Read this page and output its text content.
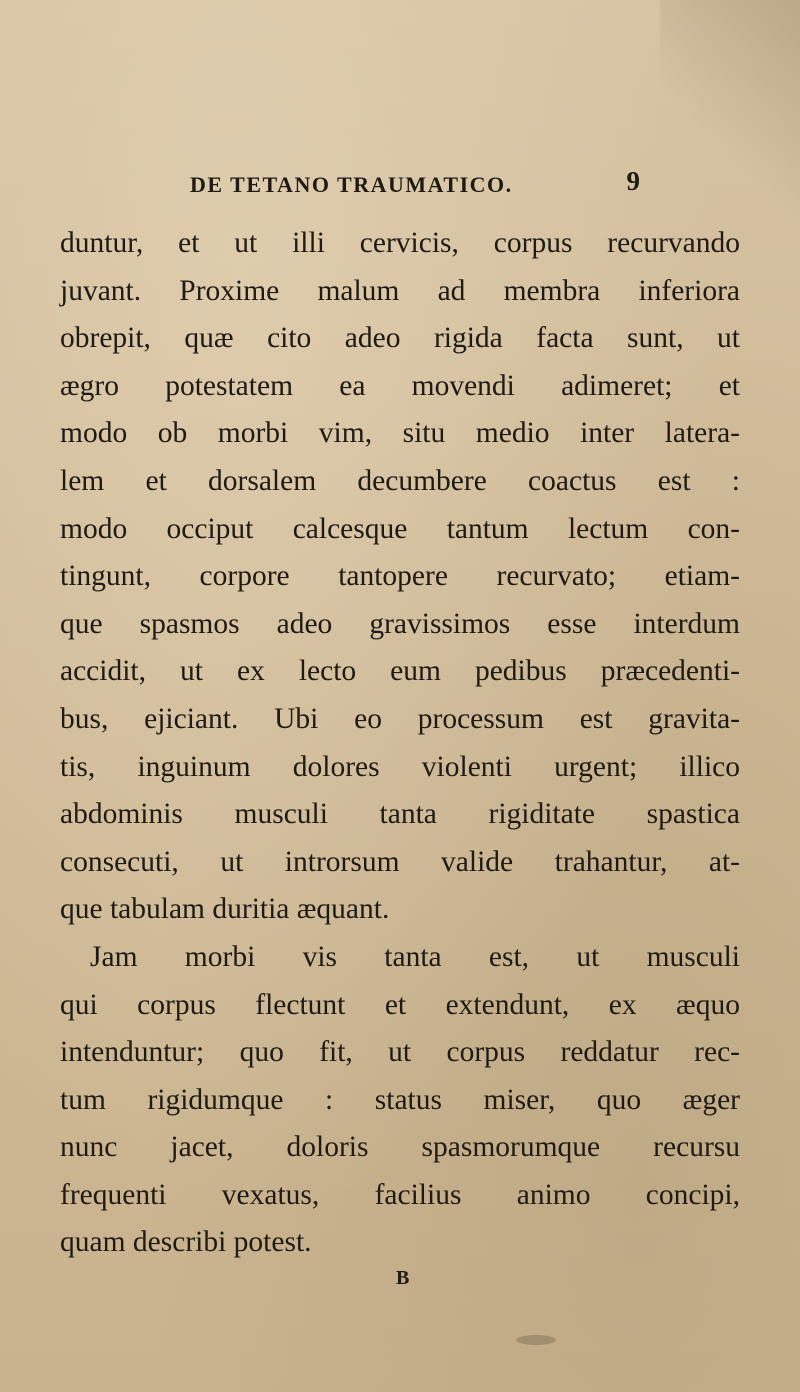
DE TETANO TRAUMATICO.	9
duntur, et ut illi cervicis, corpus recurvando
juvant. Proxime malum ad membra inferiora
obrepit, quæ cito adeo rigida facta sunt, ut
ægro potestatem ea movendi adimeret; et
modo ob morbi vim, situ medio inter latera-
lem et dorsalem decumbere coactus est :
modo occiput calcesque tantum lectum con-
tingunt, corpore tantopere recurvato; etiam-
que spasmos adeo gravissimos esse interdum
accidit, ut ex lecto eum pedibus præcedenti-
bus, ejiciant. Ubi eo processum est gravita-
tis, inguinum dolores violenti urgent; illico
abdominis musculi tanta rigiditate spastica
consecuti, ut introrsum valide trahantur, at-
que tabulam duritia æquant.
Jam morbi vis tanta est, ut musculi
qui corpus flectunt et extendunt, ex æquo
intenduntur; quo fit, ut corpus reddatur rec-
tum rigidumque : status miser, quo æger
nunc jacet, doloris spasmorumque recursu
frequenti vexatus, facilius animo concipi,
quam describi potest.
B
